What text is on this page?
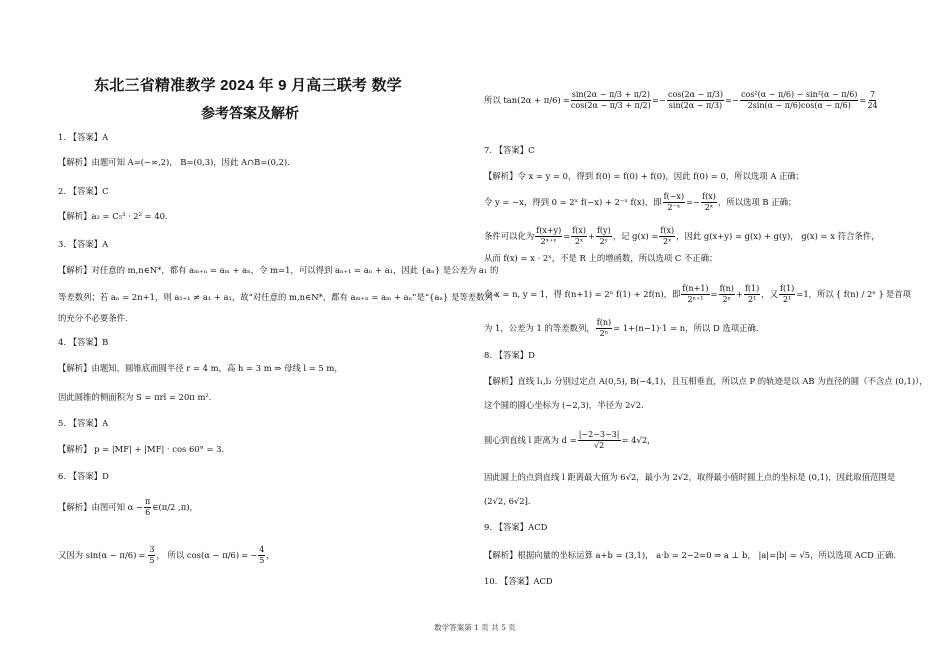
东北三省精准教学 2024 年 9 月高三联考 数学
参考答案及解析
1. 【答案】A
【解析】由题可知 A=(−∞,2)， B=(0,3)，因此 A∩B=(0,2)．
2. 【答案】C
【解析】a₂ = C₅³ · 2² = 40．
3. 【答案】A
【解析】对任意的 m,n∈N*，都有 aₘ₊ₙ = aₘ + aₙ，令 m=1，可以得到 aₙ₊₁ = aₙ + a₁，因此 {aₙ} 是公差为 a₁ 的
等差数列；若 aₙ = 2n+1，则 a₁₊₁ ≠ a₁ + a₁，故“对任意的 m,n∈N*，都有 aₘ₊ₙ = aₘ + aₙ”是“{aₙ} 是等差数列”
的充分不必要条件．
4. 【答案】B
【解析】由题知，圆锥底面圆半径 r = 4 m，高 h = 3 m ⇒ 母线 l = 5 m，
因此圆锥的侧面积为 S = πrl = 20π m²．
5. 【答案】A
【解析】 p = |MF| + |MF| · cos 60° = 3．
6. 【答案】D
【解析】由图可知 $\alpha - \frac{\pi}{6}$ ∈ (π/2 ,π) ，
又因为 $\sin (\alpha - \pi/6) = \frac{3}{5}$ ， 所以 cos (α − π/6) = − $\frac{4}{5}$ ，
所以 $\tan (2\alpha + \pi/6) = \frac{\sin(2\alpha - \pi/3 + \pi/2)}{\cos(2\alpha - \pi/3 + \pi/2)}$ = − $\frac{\cos(2\alpha - \pi/3)}{\sin(2\alpha - \pi/3)}$ = − $\frac{\text{cos²(α − π/6) − sin²(α − π/6)}}{2\sin(\alpha - \pi/6)\cos(\alpha - \pi/6)} = \frac{7}{24}$
7. 【答案】C
【解析】令 x = y = 0，得到 f(0) = f(0) + f(0)，因此 f(0) = 0，所以选项 A 正确；
令 y = −x，得到 0 = 2ˣ f(−x) + 2⁻ˣ f(x)，即 $\frac{f(-x)}{\text{2⁻ˣ}}$ = − $\frac{f(x)}{\text{2ˣ}}$ ，所以选项 B 正确；
条件可以化为 $\frac{f(x+y)}{\text{2ˣ⁺ʸ}} = \frac{f(x)}{\text{2ˣ}} + \frac{f(y)}{\text{2ʸ}}$ ，记 $g(x) = \frac{f(x)}{\text{2ˣ}}$ ，因此 g(x+y) = g(x) + g(y)， g(x) = x 符合条件，
从而 f(x) = x · 2ˣ，不是 R 上的增函数，所以选项 C 不正确；
令 x = n, y = 1，得 f(n+1) = 2ⁿ f(1) + 2f(n)，即 $\frac{f(n+1)}{\text{2ⁿ⁺¹}} = \frac{f(n)}{\text{2ⁿ}} + \frac{f(1)}{\text{2¹}}$ ，又 $\frac{f(1)}{\text{2¹}} =1$，所以 { f(n) / 2ⁿ } 是首项
为 1，公差为 1 的等差数列， $\frac{f(n)}{\text{2ⁿ}} = 1+(n-1)\cdot 1 = n$，所以 D 选项正确．
8. 【答案】D
【解析】直线 l₁,l₂ 分别过定点 A(0,5), B(−4,1)，且互相垂直，所以点 P 的轨迹是以 AB 为直径的圆（不含点 (0,1)），
这个圆的圆心坐标为 (−2,3)，半径为 2√2．
圆心到直线 l 距离为 $d = \frac{|-2-3-3|}{√2} = 4√2$，
因此圆上的点到直线 l 距离最大值为 6√2，最小为 2√2，取得最小值时圆上点的坐标是 (0,1)，因此取值范围是
(2√2, 6√2]．
9. 【答案】ACD
【解析】根据向量的坐标运算 a+b = (3,1)， a·b = 2−2=0 ⇒ a ⊥ b， |a|=|b| = √5，所以选项 ACD 正确．
10. 【答案】ACD
数学答案第 1 页 共 5 页
